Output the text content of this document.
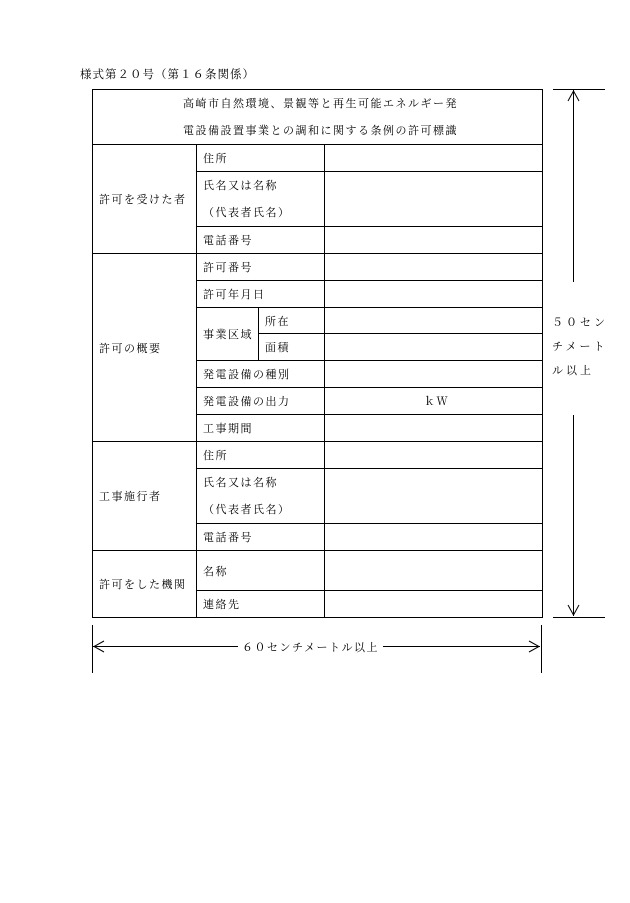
様式第２０号（第１６条関係）
高崎市自然環境、景観等と再生可能エネルギー発
電設備設置事業との調和に関する条例の許可標識			

許可を受けた者	住所		

	氏名又は名称
（代表者氏名）		

	電話番号		
許可の概要	許可番号		
	許可年月日		
	事業区域	所在	
		面積	
	発電設備の種別		
	発電設備の出力		ｋＷ
	工事期間		
工事施行者	住所		

	氏名又は名称
（代表者氏名）		

	電話番号		
許可をした機関	名称		
	連絡先		
５０セン
チメート
ル以上
６０センチメートル以上
